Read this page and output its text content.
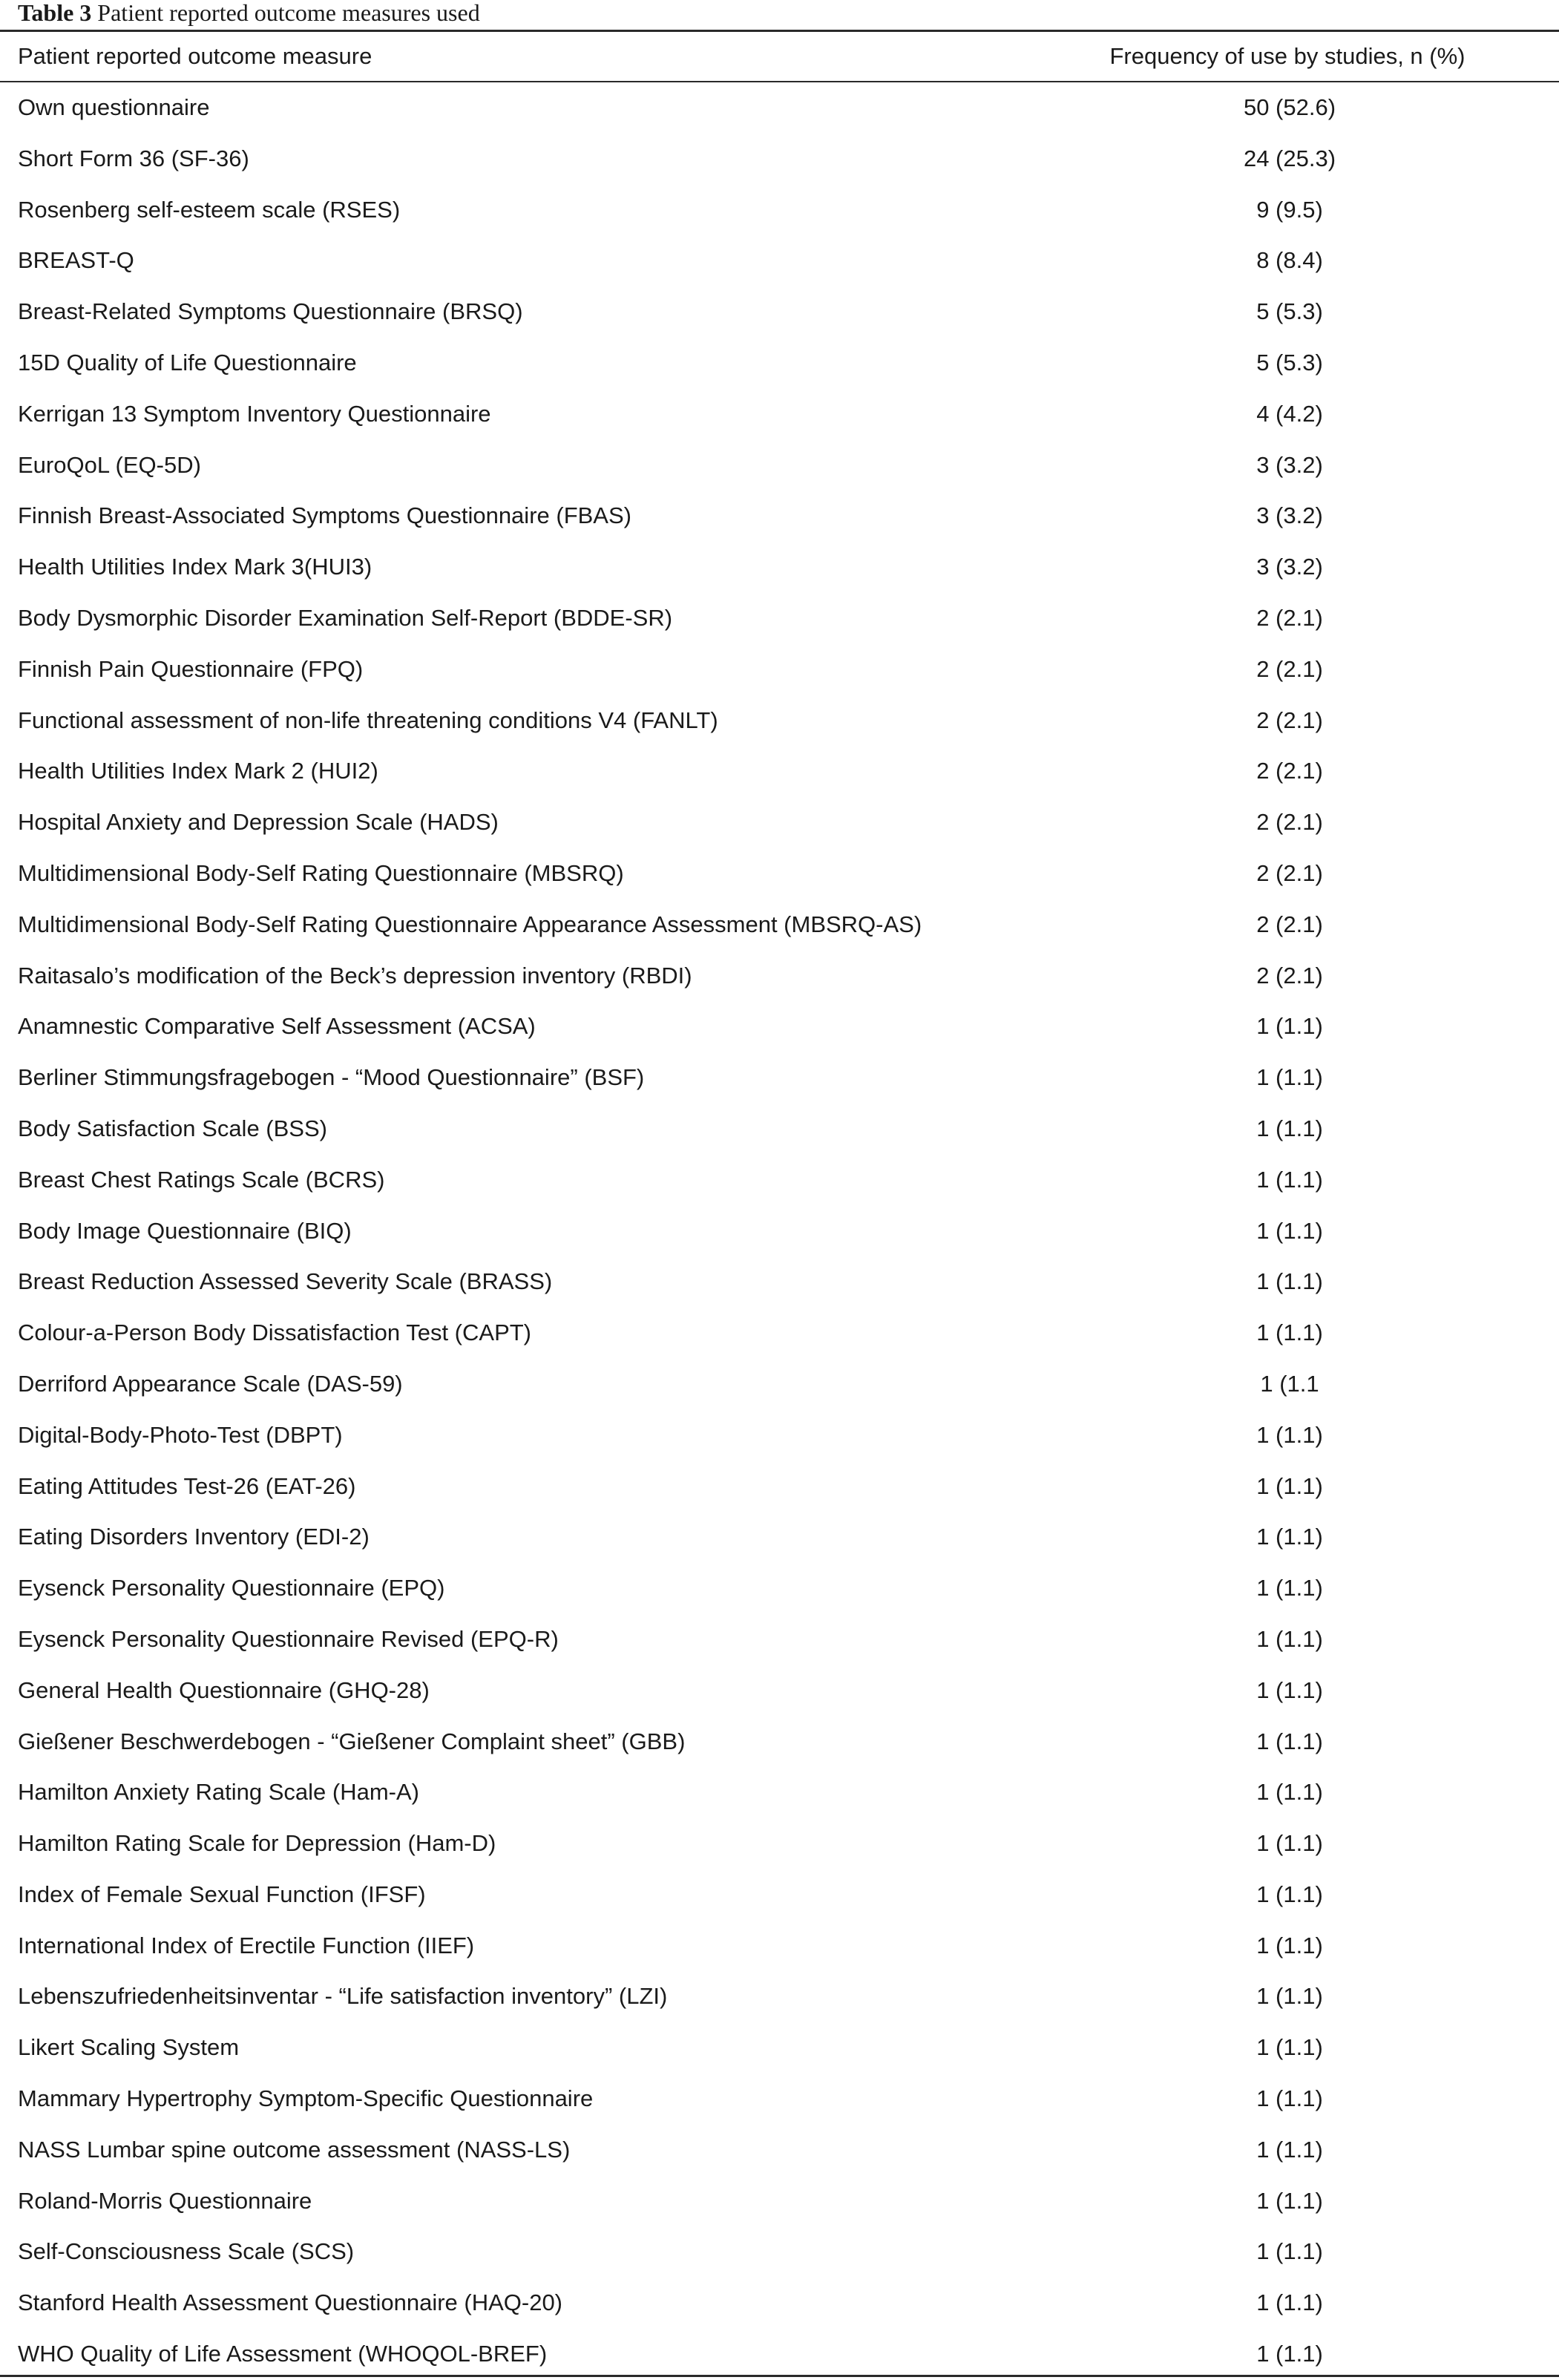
Table 3 Patient reported outcome measures used
Patient reported outcome measure	Frequency of use by studies, n (%)
Own questionnaire	50 (52.6)
Short Form 36 (SF-36)	24 (25.3)
Rosenberg self-esteem scale (RSES)	9 (9.5)
BREAST-Q	8 (8.4)
Breast-Related Symptoms Questionnaire (BRSQ)	5 (5.3)
15D Quality of Life Questionnaire	5 (5.3)
Kerrigan 13 Symptom Inventory Questionnaire	4 (4.2)
EuroQoL (EQ-5D)	3 (3.2)
Finnish Breast-Associated Symptoms Questionnaire (FBAS)	3 (3.2)
Health Utilities Index Mark 3(HUI3)	3 (3.2)
Body Dysmorphic Disorder Examination Self-Report (BDDE-SR)	2 (2.1)
Finnish Pain Questionnaire (FPQ)	2 (2.1)
Functional assessment of non-life threatening conditions V4 (FANLT)	2 (2.1)
Health Utilities Index Mark 2 (HUI2)	2 (2.1)
Hospital Anxiety and Depression Scale (HADS)	2 (2.1)
Multidimensional Body-Self Rating Questionnaire (MBSRQ)	2 (2.1)
Multidimensional Body-Self Rating Questionnaire Appearance Assessment (MBSRQ-AS)	2 (2.1)
Raitasalo’s modification of the Beck’s depression inventory (RBDI)	2 (2.1)
Anamnestic Comparative Self Assessment (ACSA)	1 (1.1)
Berliner Stimmungsfragebogen - “Mood Questionnaire” (BSF)	1 (1.1)
Body Satisfaction Scale (BSS)	1 (1.1)
Breast Chest Ratings Scale (BCRS)	1 (1.1)
Body Image Questionnaire (BIQ)	1 (1.1)
Breast Reduction Assessed Severity Scale (BRASS)	1 (1.1)
Colour-a-Person Body Dissatisfaction Test (CAPT)	1 (1.1)
Derriford Appearance Scale (DAS-59)	1 (1.1
Digital-Body-Photo-Test (DBPT)	1 (1.1)
Eating Attitudes Test-26 (EAT-26)	1 (1.1)
Eating Disorders Inventory (EDI-2)	1 (1.1)
Eysenck Personality Questionnaire (EPQ)	1 (1.1)
Eysenck Personality Questionnaire Revised (EPQ-R)	1 (1.1)
General Health Questionnaire (GHQ-28)	1 (1.1)
Gießener Beschwerdebogen - “Gießener Complaint sheet” (GBB)	1 (1.1)
Hamilton Anxiety Rating Scale (Ham-A)	1 (1.1)
Hamilton Rating Scale for Depression (Ham-D)	1 (1.1)
Index of Female Sexual Function (IFSF)	1 (1.1)
International Index of Erectile Function (IIEF)	1 (1.1)
Lebenszufriedenheitsinventar - “Life satisfaction inventory” (LZI)	1 (1.1)
Likert Scaling System	1 (1.1)
Mammary Hypertrophy Symptom-Specific Questionnaire	1 (1.1)
NASS Lumbar spine outcome assessment (NASS-LS)	1 (1.1)
Roland-Morris Questionnaire	1 (1.1)
Self-Consciousness Scale (SCS)	1 (1.1)
Stanford Health Assessment Questionnaire (HAQ-20)	1 (1.1)
WHO Quality of Life Assessment (WHOQOL-BREF)	1 (1.1)
